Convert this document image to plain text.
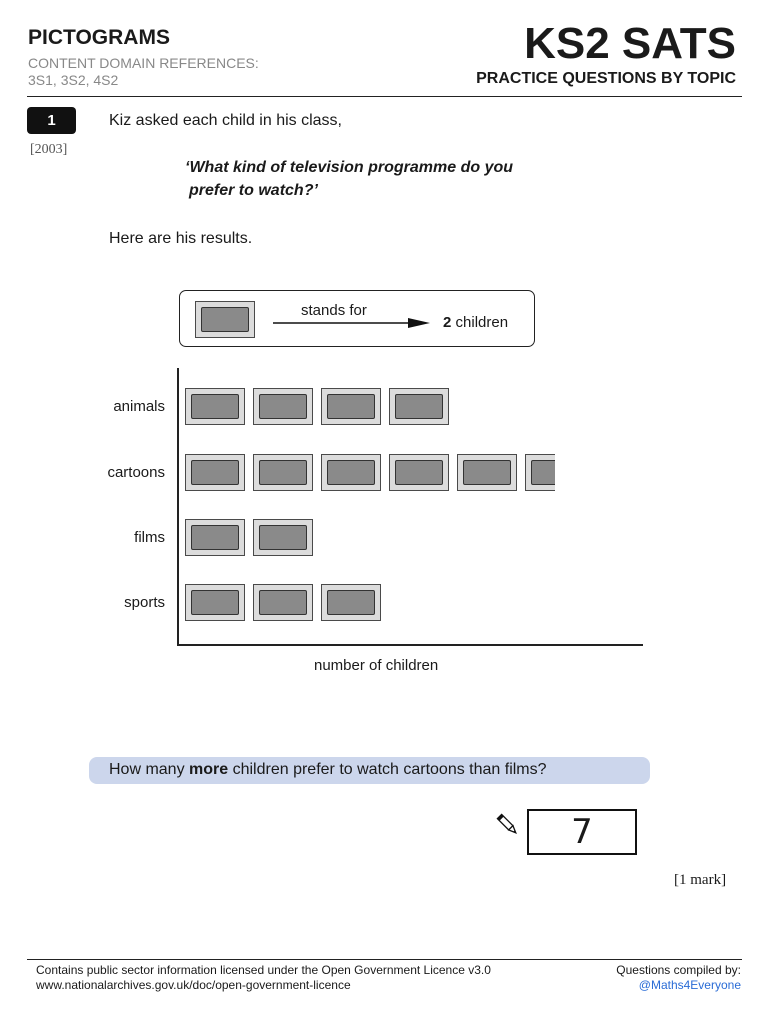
PICTOGRAMS
CONTENT DOMAIN REFERENCES:
3S1, 3S2, 4S2
KS2 SATS
PRACTICE QUESTIONS BY TOPIC
1
[2003]
Kiz asked each child in his class,
‘What kind of television programme do you
prefer to watch?’
Here are his results.
stands for
2 children
animals
cartoons
films
sports
number of children
How many more children prefer to watch cartoons than films?
7
[1 mark]
Contains public sector information licensed under the Open Government Licence v3.0
www.nationalarchives.gov.uk/doc/open-government-licence
Questions compiled by:
@Maths4Everyone
